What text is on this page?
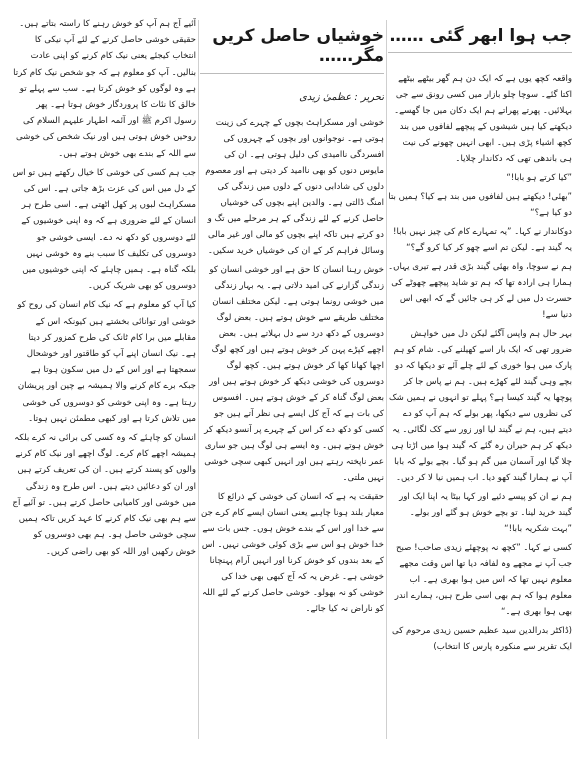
جب ہوا ابھر گئی ……

واقعہ کچھ یوں ہے کہ ایک دن ہم گھر بیٹھے بیٹھے اکتا گئے۔ سوچا چلو بازار میں کسی رونق سے جی بہلائیں۔ پھرتے پھراتے ہم ایک دکان میں جا گھسے۔ دیکھتے کیا ہیں شیشوں کے پیچھے لفافوں میں بند کچھ اشیاء پڑی ہیں۔ ابھی انہیں چھونے کی نیت ہی باندھی تھی کہ دکاندار چلایا۔

”کیا کرتے ہو بابا!“

”بھئی! دیکھتے ہیں لفافوں میں بند ہے کیا؟ ہمیں بتا دو کیا ہے؟“

دوکاندار نے کہا۔ ”یہ تمہارے کام کی چیز نہیں بابا! یہ گیند ہے۔ لیکن تم اسے چھو کر کیا کرو گے؟“

ہم نے سوچا، واہ بھئی گیند بڑی قدر ہے تیری یہاں۔ ہمارا ہی ارادہ تھا کہ ہم تو شاید پیچھے چھوٹے کی حسرت دل میں لے کر ہی جائیں گے کہ ابھی اس دنیا سے!

بہر حال ہم واپس آگئے لیکن دل میں خواہش ضرور تھی کہ ایک بار اسے کھیلنے کی۔ شام کو ہم پارک میں ہوا خوری کے لئے چلے آئے تو دیکھا کہ دو بچے وہی گیند لئے کھڑے ہیں۔ ہم نے پاس جا کر پوچھا یہ گیند کیسا ہے؟ پہلے تو انہوں نے ہمیں شک کی نظروں سے دیکھا، پھر بولے کہ ہم آپ کو دے دیتے ہیں، ہم نے گیند لیا اور زور سے کک لگائی۔ یہ دیکھ کر ہم حیران رہ گئے کہ گیند ہوا میں اڑتا ہی چلا گیا اور آسمان میں گم ہو گیا۔ بچے بولے کہ بابا آپ نے ہمارا گیند کھو دیا۔ اب ہمیں نیا لا کر دیں۔

ہم نے ان کو پیسے دئیے اور کہا بیٹا یہ اپنا ایک اور گیند خرید لینا۔ تو بچے خوش ہو گئے اور بولے۔ ”بہت شکریہ بابا!“

کسی نے کہا۔ ”کچھ نہ پوچھئے زیدی صاحب! صبح جب آپ نے مجھے وہ لفافہ دیا تھا اس وقت مجھے معلوم نہیں تھا کہ اس میں ہوا بھری ہے۔ اب معلوم ہوا کہ ہم بھی اسی طرح ہیں، ہمارے اندر بھی ہوا بھری ہے۔“

(ڈاکٹر بدرالدین سید عظیم حسین زیدی مرحوم کی ایک تقریر سے منکورہ پارس کا انتخاب)

خوشیاں حاصل کریں مگر……
تحریر : عظمیٰ زیدی

خوشی اور مسکراہٹ بچوں کے چہرے کی زینت ہوتی ہے۔ نوجوانوں اور بچوں کے چہروں کی افسردگی ناامیدی کی دلیل ہوتی ہے۔ ان کی مایوس دنوں کو بھی ناامید کر دیتی ہے اور معصوم دلوں کی شادابی دنوں کے دلوں میں زندگی کی امنگ ڈالتی ہے۔ والدین اپنے بچوں کی خوشیاں حاصل کرنے کے لئے زندگی کے ہر مرحلے میں تگ و دو کرتے ہیں تاکہ اپنے بچوں کو مالی اور غیر مالی وسائل فراہم کر کے ان کی خوشیاں خرید سکیں۔

خوش رہنا انسان کا حق ہے اور خوشی انسان کو زندگی گزارنے کی امید دلاتی ہے۔ یہ بہار زندگی میں خوشی رونما ہوتی ہے۔ لیکن مختلف انسان مختلف طریقے سے خوش ہوتے ہیں۔ بعض لوگ دوسروں کے دکھ درد سے دل بہلاتے ہیں۔ بعض اچھے کپڑے پہن کر خوش ہوتے ہیں اور کچھ لوگ اچھا کھانا کھا کر خوش ہوتے ہیں۔ کچھ لوگ دوسروں کی خوشی دیکھ کر خوش ہوتے ہیں اور بعض لوگ گناہ کر کے خوش ہوتے ہیں۔ افسوس کی بات ہے کہ آج کل ایسے ہی نظر آتے ہیں جو کسی کو دکھ دے کر اس کے چہرے پر آنسو دیکھ کر خوش ہوتے ہیں۔ وہ ایسے ہی لوگ ہیں جو ساری عمر ناپختہ رہتے ہیں اور انہیں کبھی سچی خوشی نہیں ملتی۔

حقیقت یہ ہے کہ انسان کی خوشی کے ذرائع کا معیار بلند ہونا چاہیے یعنی انسان ایسے کام کرے جن سے خدا اور اس کے بندے خوش ہوں۔ جس بات سے خدا خوش ہو اس سے بڑی کوئی خوشی نہیں۔ اس کے بعد بندوں کو خوش کرنا اور انہیں آرام پہنچانا خوشی ہے۔ غرض یہ کہ آج کبھی بھی خدا کی خوشی کو نہ بھولو۔ خوشی حاصل کرنے کے لئے اللہ کو ناراض نہ کیا جائے۔

آئیے آج ہم آپ کو خوش رہنے کا راستہ بتاتے ہیں۔ حقیقی خوشی حاصل کرنے کے لئے آپ نیکی کا انتخاب کیجئے یعنی نیک کام کرنے کو اپنی عادت بنالیں۔ آپ کو معلوم ہے کہ جو شخص نیک کام کرتا ہے وہ لوگوں کو خوش کرتا ہے۔ سب سے پہلے تو خالق کا نئات کا پروردگار خوش ہوتا ہے۔ پھر رسول اکرم ﷺ اور آئمہ اطہار علیہم السلام کی روحیں خوش ہوتی ہیں اور نیک شخص کی خوشی سے اللہ کے بندے بھی خوش ہوتے ہیں۔

جب ہم کسی کی خوشی کا خیال رکھتے ہیں تو اس کے دل میں اس کی عزت بڑھ جاتی ہے۔ اس کی مسکراہٹ لبوں پر کھل اٹھتی ہے۔ اسی طرح ہر انسان کے لئے ضروری ہے کہ وہ اپنی خوشیوں کے لئے دوسروں کو دکھ نہ دے۔ ایسی خوشی جو دوسروں کی تکلیف کا سبب بنے وہ خوشی نہیں بلکہ گناہ ہے۔ ہمیں چاہئے کہ اپنی خوشیوں میں دوسروں کو بھی شریک کریں۔

کیا آپ کو معلوم ہے کہ نیک کام انسان کی روح کو خوشی اور توانائی بخشتے ہیں کیونکہ اس کے مقابلے میں برا کام ٹانک کی طرح کمزور کر دیتا ہے۔ نیک انسان اپنے آپ کو طاقتور اور خوشحال سمجھتا ہے اور اس کے دل میں سکون ہوتا ہے جبکہ برے کام کرنے والا ہمیشہ بے چین اور پریشان رہتا ہے۔ وہ اپنی خوشی کو دوسروں کی خوشی میں تلاش کرتا ہے اور کبھی مطمئن نہیں ہوتا۔

انسان کو چاہئے کہ وہ کسی کی برائی نہ کرے بلکہ ہمیشہ اچھے کام کرے۔ لوگ اچھے اور نیک کام کرنے والوں کو پسند کرتے ہیں۔ ان کی تعریف کرتے ہیں اور ان کو دعائیں دیتے ہیں۔ اس طرح وہ زندگی میں خوشی اور کامیابی حاصل کرتے ہیں۔ تو آئیے آج سے ہم بھی نیک کام کرنے کا عہد کریں تاکہ ہمیں سچی خوشی حاصل ہو۔ ہم بھی دوسروں کو خوش رکھیں اور اللہ کو بھی راضی کریں۔
